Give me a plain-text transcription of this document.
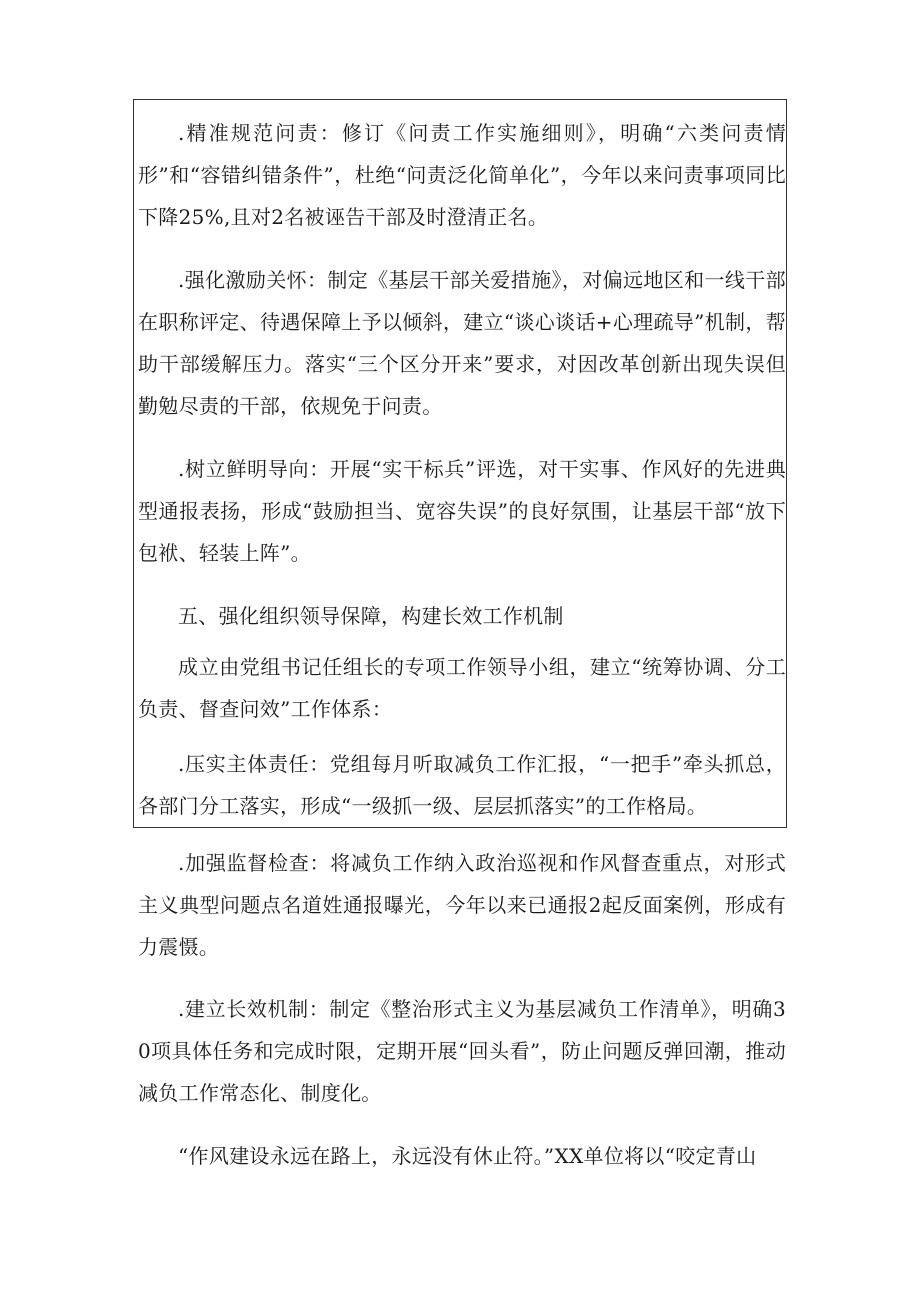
.精准规范问责：修订《问责工作实施细则》，明确“六类问责情形”和“容错纠错条件”，杜绝“问责泛化简单化”，今年以来问责事项同比下降25%,且对2名被诬告干部及时澄清正名。

.强化激励关怀：制定《基层干部关爱措施》，对偏远地区和一线干部在职称评定、待遇保障上予以倾斜，建立“谈心谈话+心理疏导”机制，帮助干部缓解压力。落实“三个区分开来”要求，对因改革创新出现失误但勤勉尽责的干部，依规免于问责。

.树立鲜明导向：开展“实干标兵”评选，对干实事、作风好的先进典型通报表扬，形成“鼓励担当、宽容失误”的良好氛围，让基层干部“放下包袱、轻装上阵”。

五、强化组织领导保障，构建长效工作机制

成立由党组书记任组长的专项工作领导小组，建立“统筹协调、分工负责、督查问效”工作体系：

.压实主体责任：党组每月听取减负工作汇报，“一把手”牵头抓总，各部门分工落实，形成“一级抓一级、层层抓落实”的工作格局。

.加强监督检查：将减负工作纳入政治巡视和作风督查重点，对形式主义典型问题点名道姓通报曝光，今年以来已通报2起反面案例，形成有力震慑。

.建立长效机制：制定《整治形式主义为基层减负工作清单》，明确30项具体任务和完成时限，定期开展“回头看”，防止问题反弹回潮，推动减负工作常态化、制度化。

“作风建设永远在路上，永远没有休止符。”XX单位将以“咬定青山
